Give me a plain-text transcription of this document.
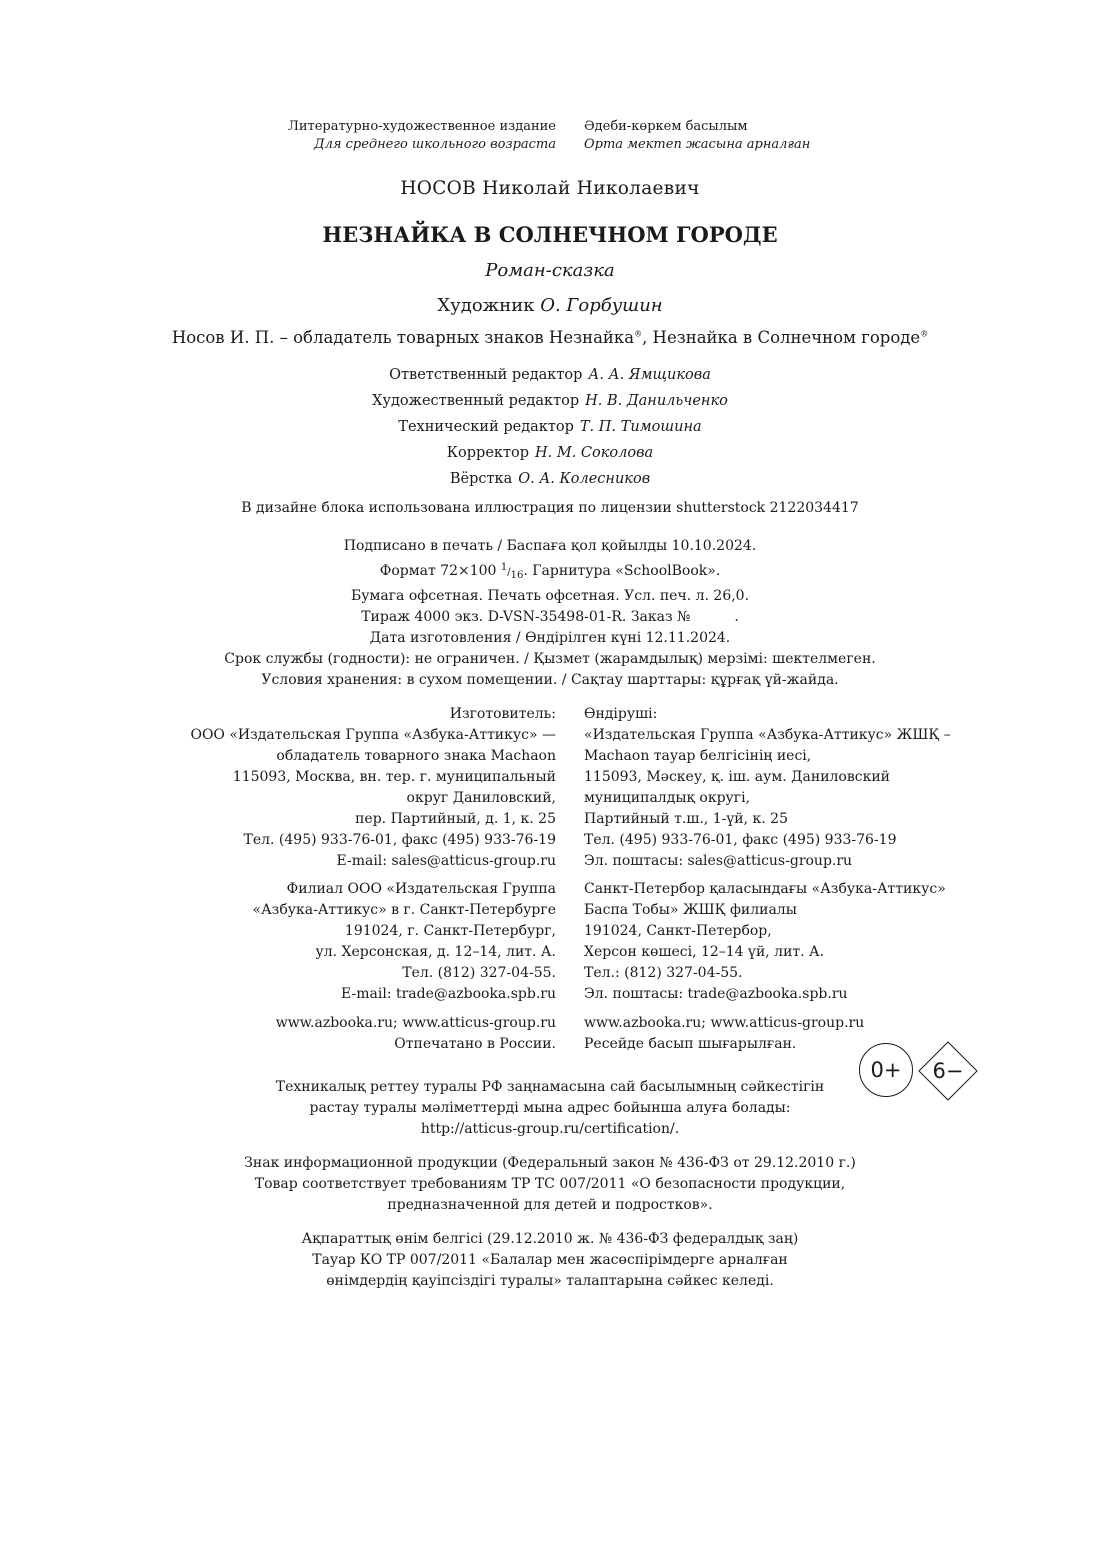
Литературно-художественное издание
Для среднего школьного возраста
Әдеби-көркем басылым
Орта мектеп жасына арналған
НОСОВ Николай Николаевич
НЕЗНАЙКА В СОЛНЕЧНОМ ГОРОДЕ
Роман-сказка
Художник О. Горбушин
Носов И. П. – обладатель товарных знаков Незнайка®, Незнайка в Солнечном городе®
Ответственный редактор А. А. Ямщикова
Художественный редактор Н. В. Данильченко
Технический редактор Т. П. Тимошина
Корректор Н. М. Соколова
Вёрстка О. А. Колесников
В дизайне блока использована иллюстрация по лицензии shutterstock 2122034417
Подписано в печать / Баспаға қол қойылды 10.10.2024.
Формат 72×100 1/16. Гарнитура «SchoolBook».
Бумага офсетная. Печать офсетная. Усл. печ. л. 26,0.
Тираж 4000 экз. D-VSN-35498-01-R. Заказ №	.
Дата изготовления / Өндірілген күні 12.11.2024.
Срок службы (годности): не ограничен. / Қызмет (жарамдылық) мерзімі: шектелмеген.
Условия хранения: в сухом помещении. / Сақтау шарттары: құрғақ үй-жайда.
Изготовитель:
ООО «Издательская Группа «Азбука-Аттикус» —
обладатель товарного знака Machaon
115093, Москва, вн. тер. г. муниципальный
округ Даниловский,
пер. Партийный, д. 1, к. 25
Тел. (495) 933-76-01, факс (495) 933-76-19
E-mail: sales@atticus-group.ru
Өндіруші:
«Издательская Группа «Азбука-Аттикус» ЖШҚ –
Machaon тауар белгісінің иесі,
115093, Мәскеу, қ. іш. аум. Даниловский
муниципалдық округі,
Партийный т.ш., 1-үй, к. 25
Тел. (495) 933-76-01, факс (495) 933-76-19
Эл. поштасы: sales@atticus-group.ru
Филиал ООО «Издательская Группа
«Азбука-Аттикус» в г. Санкт-Петербурге
191024, г. Санкт-Петербург,
ул. Херсонская, д. 12–14, лит. А.
Тел. (812) 327-04-55.
E-mail: trade@azbooka.spb.ru
Санкт-Петербор қаласындағы «Азбука-Аттикус»
Баспа Тобы» ЖШҚ филиалы
191024, Санкт-Петербор,
Херсон көшесі, 12–14 үй, лит. А.
Тел.: (812) 327-04-55.
Эл. поштасы: trade@azbooka.spb.ru
www.azbooka.ru; www.atticus-group.ru
Отпечатано в России.
www.azbooka.ru; www.atticus-group.ru
Ресейде басып шығарылған.
0+	6−
Техникалық реттеу туралы РФ заңнамасына сай басылымның сәйкестігін
растау туралы мәліметтерді мына адрес бойынша алуға болады:
http://atticus-group.ru/certification/.
Знак информационной продукции (Федеральный закон № 436-ФЗ от 29.12.2010 г.)
Товар соответствует требованиям ТР ТС 007/2011 «О безопасности продукции,
предназначенной для детей и подростков».
Ақпараттық өнім белгісі (29.12.2010 ж. № 436-ФЗ федералдық заң)
Тауар КО ТР 007/2011 «Балалар мен жасөспірімдерге арналған
өнімдердің қауіпсіздігі туралы» талаптарына сәйкес келеді.
